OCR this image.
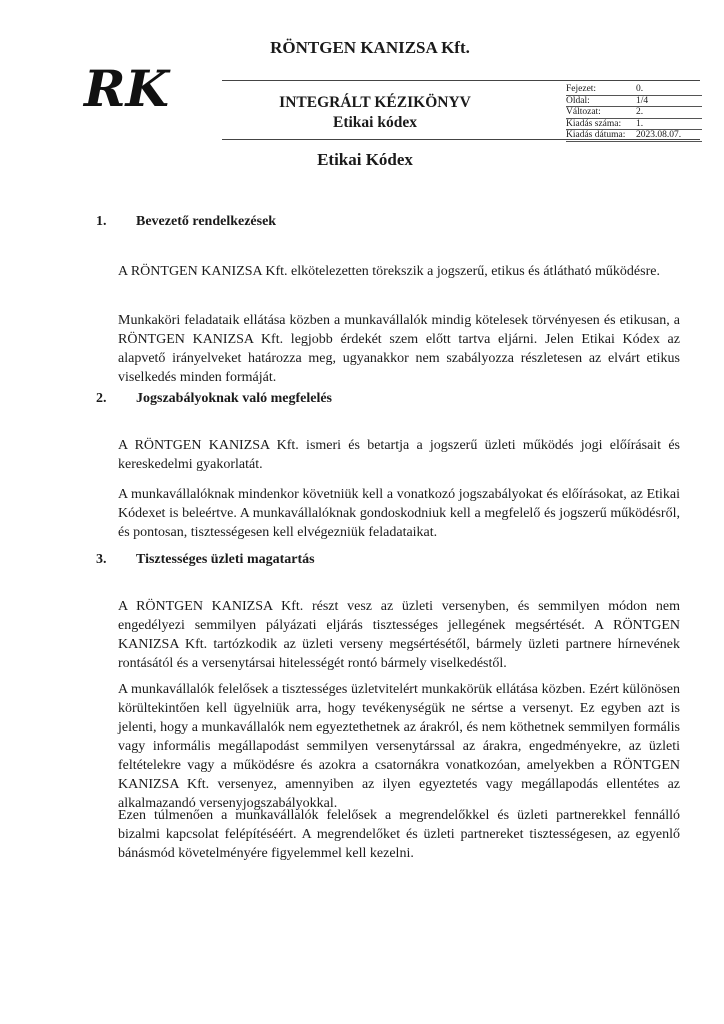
RÖNTGEN KANIZSA Kft.
RK	INTEGRÁLT KÉZIKÖNYV
Etikai kódex
Fejezet:	0.
Oldal:	1/4
Változat:	2.
Kiadás száma:	1.
Kiadás dátuma:	2023.08.07.
Etikai Kódex
1. Bevezető rendelkezések
A RÖNTGEN KANIZSA Kft. elkötelezetten törekszik a jogszerű, etikus és átlátható működésre.
Munkaköri feladataik ellátása közben a munkavállalók mindig kötelesek törvényesen és etikusan, a RÖNTGEN KANIZSA Kft. legjobb érdekét szem előtt tartva eljárni. Jelen Etikai Kódex az alapvető irányelveket határozza meg, ugyanakkor nem szabályozza részletesen az elvárt etikus viselkedés minden formáját.
2. Jogszabályoknak való megfelelés
A RÖNTGEN KANIZSA Kft. ismeri és betartja a jogszerű üzleti működés jogi előírásait és kereskedelmi gyakorlatát.
A munkavállalóknak mindenkor követniük kell a vonatkozó jogszabályokat és előírásokat, az Etikai Kódexet is beleértve. A munkavállalóknak gondoskodniuk kell a megfelelő és jogszerű működésről, és pontosan, tisztességesen kell elvégezniük feladataikat.
3. Tisztességes üzleti magatartás
A RÖNTGEN KANIZSA Kft. részt vesz az üzleti versenyben, és semmilyen módon nem engedélyezi semmilyen pályázati eljárás tisztességes jellegének megsértését. A RÖNTGEN KANIZSA Kft. tartózkodik az üzleti verseny megsértésétől, bármely üzleti partnere hírnevének rontásától és a versenytársai hitelességét rontó bármely viselkedéstől.
A munkavállalók felelősek a tisztességes üzletvitelért munkakörük ellátása közben. Ezért különösen körültekintően kell ügyelniük arra, hogy tevékenységük ne sértse a versenyt. Ez egyben azt is jelenti, hogy a munkavállalók nem egyeztethetnek az árakról, és nem köthetnek semmilyen formális vagy informális megállapodást semmilyen versenytárssal az árakra, engedményekre, az üzleti feltételekre vagy a működésre és azokra a csatornákra vonatkozóan, amelyekben a RÖNTGEN KANIZSA Kft. versenyez, amennyiben az ilyen egyeztetés vagy megállapodás ellentétes az alkalmazandó versenyjogszabályokkal.
Ezen túlmenően a munkavállalók felelősek a megrendelőkkel és üzleti partnerekkel fennálló bizalmi kapcsolat felépítéséért. A megrendelőket és üzleti partnereket tisztességesen, az egyenlő bánásmód követelményére figyelemmel kell kezelni.
